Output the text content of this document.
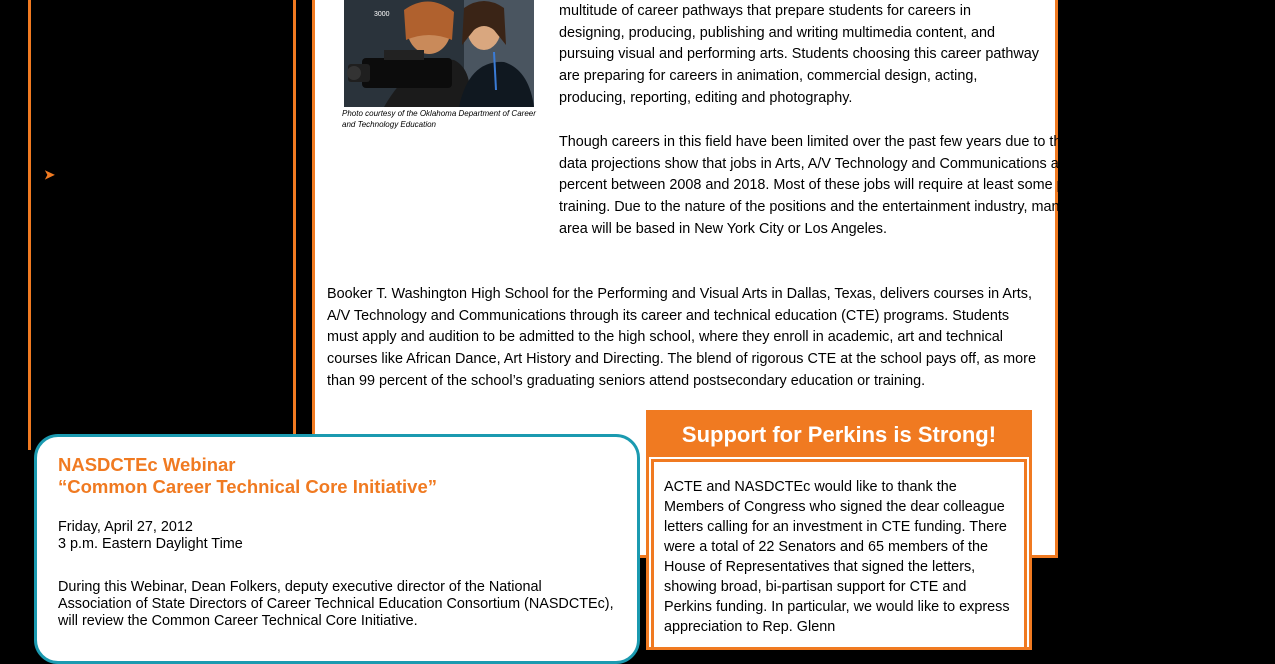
➤
3000
Photo courtesy of the Oklahoma Department of Career and Technology Education
multitude of career pathways that prepare students for careers in designing, producing, publishing and writing multimedia content, and pursuing visual and performing arts. Students choosing this career pathway are preparing for careers in animation, commercial design, acting, producing, reporting, editing and photography.
Though careers in this field have been limited over the past few years due to the economic recession, recent data projections show that jobs in Arts, A/V Technology and Communications are expected to increase by 15 percent between 2008 and 2018. Most of these jobs will require at least some postsecondary education and training. Due to the nature of the positions and the entertainment industry, many of the job opportunities in this area will be based in New York City or Los Angeles.
Booker T. Washington High School for the Performing and Visual Arts in Dallas, Texas, delivers courses in Arts, A/V Technology and Communications through its career and technical education (CTE) programs. Students must apply and audition to be admitted to the high school, where they enroll in academic, art and technical courses like African Dance, Art History and Directing. The blend of rigorous CTE at the school pays off, as more than 99 percent of the school’s graduating seniors attend postsecondary education or training.
NASDCTEc Webinar
“Common Career Technical Core Initiative”
Friday, April 27, 2012
3 p.m. Eastern Daylight Time
During this Webinar, Dean Folkers, deputy executive director of the National Association of State Directors of Career Technical Education Consortium (NASDCTEc), will review the Common Career Technical Core Initiative.
Support for Perkins is Strong!
ACTE and NASDCTEc would like to thank the Members of Congress who signed the dear colleague letters calling for an investment in CTE funding. There were a total of 22 Senators and 65 members of the House of Representatives that signed the letters, showing broad, bi-partisan support for CTE and Perkins funding. In particular, we would like to express appreciation to Rep. Glenn
